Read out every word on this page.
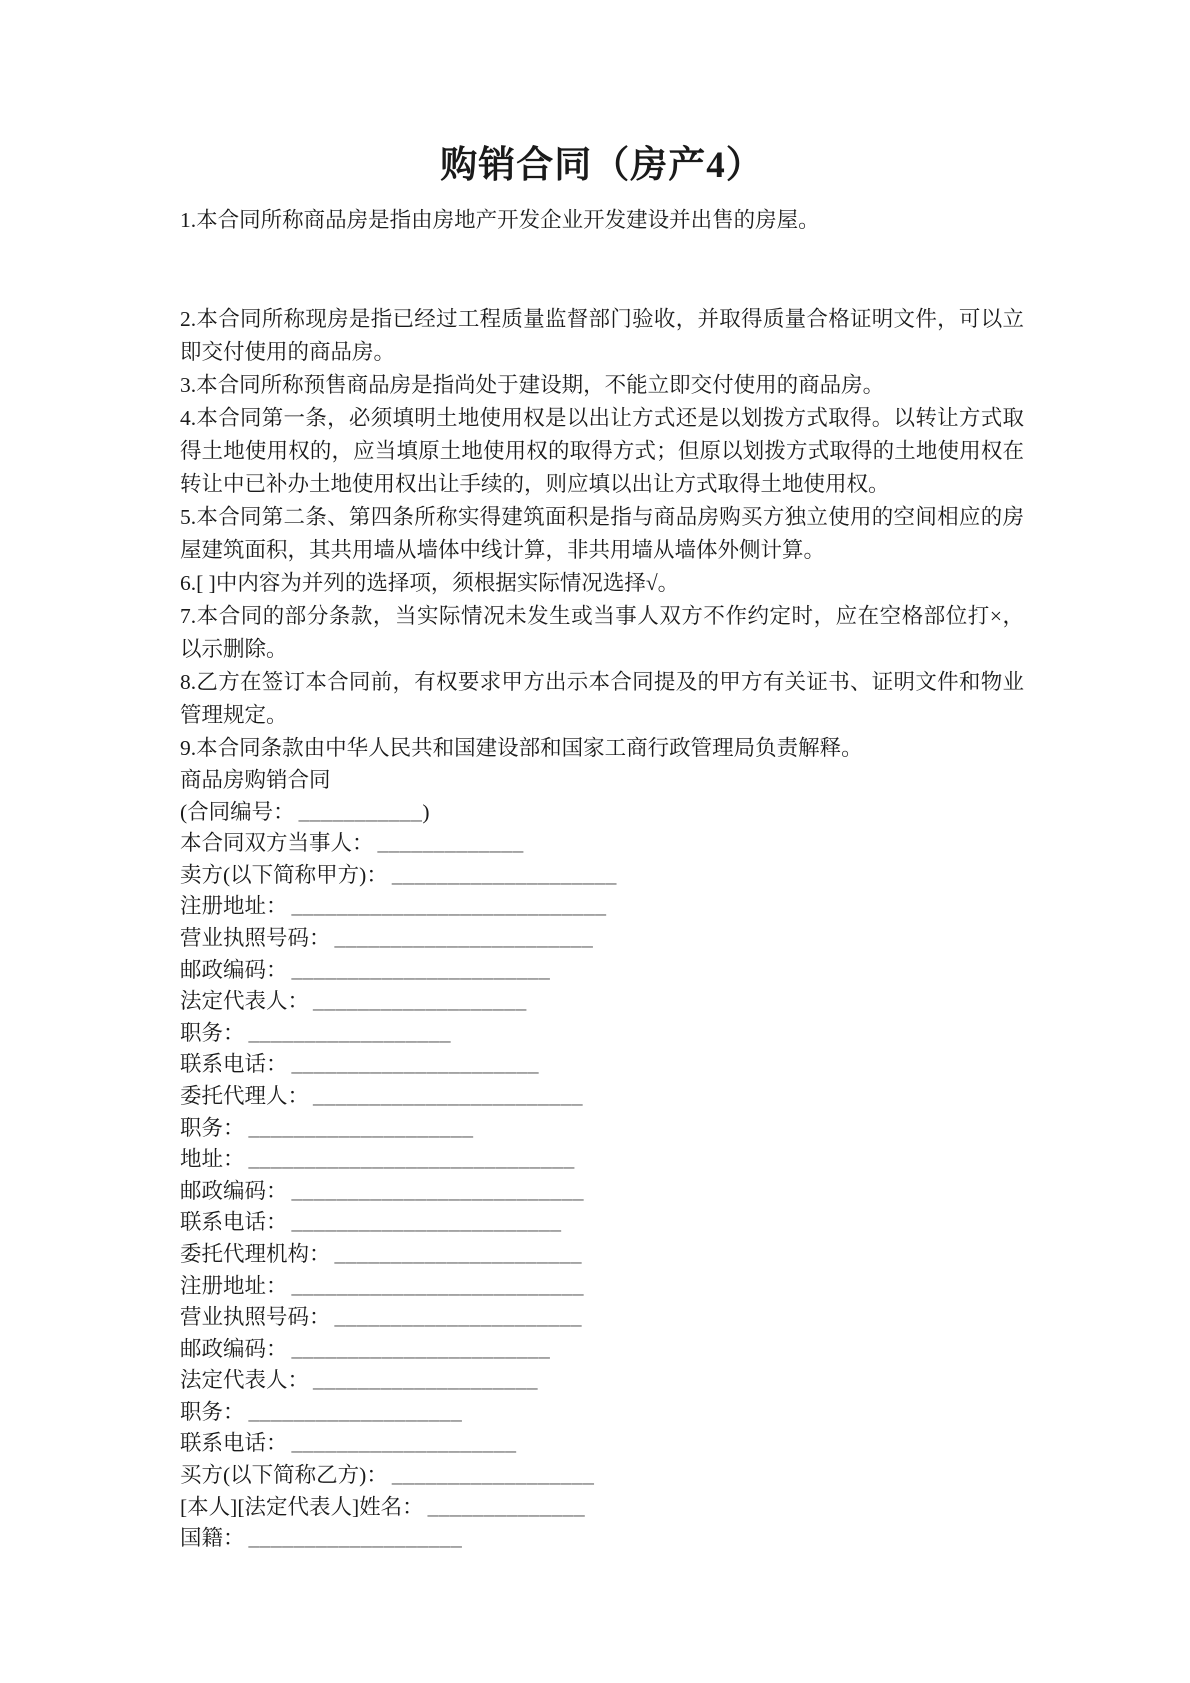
购销合同（房产4）

1.本合同所称商品房是指由房地产开发企业开发建设并出售的房屋。

2.本合同所称现房是指已经过工程质量监督部门验收，并取得质量合格证明文件，可以立即交付使用的商品房。

3.本合同所称预售商品房是指尚处于建设期，不能立即交付使用的商品房。

4.本合同第一条，必须填明土地使用权是以出让方式还是以划拨方式取得。以转让方式取得土地使用权的，应当填原土地使用权的取得方式；但原以划拨方式取得的土地使用权在转让中已补办土地使用权出让手续的，则应填以出让方式取得土地使用权。

5.本合同第二条、第四条所称实得建筑面积是指与商品房购买方独立使用的空间相应的房屋建筑面积，其共用墙从墙体中线计算，非共用墙从墙体外侧计算。

6.[ ]中内容为并列的选择项，须根据实际情况选择√。

7.本合同的部分条款，当实际情况未发生或当事人双方不作约定时，应在空格部位打×，以示删除。

8.乙方在签订本合同前，有权要求甲方出示本合同提及的甲方有关证书、证明文件和物业管理规定。

9.本合同条款由中华人民共和国建设部和国家工商行政管理局负责解释。

商品房购销合同

(合同编号： ___________)

本合同双方当事人： _____________

卖方(以下简称甲方)： ____________________

注册地址： ____________________________

营业执照号码： _______________________

邮政编码： _______________________

法定代表人： ___________________

职务： __________________

联系电话： ______________________

委托代理人： ________________________

职务： ____________________

地址： _____________________________

邮政编码： __________________________

联系电话： ________________________

委托代理机构： ______________________

注册地址： __________________________

营业执照号码： ______________________

邮政编码： _______________________

法定代表人： ____________________

职务： ___________________

联系电话： ____________________

买方(以下简称乙方)： __________________

[本人][法定代表人]姓名： ______________

国籍： ___________________
